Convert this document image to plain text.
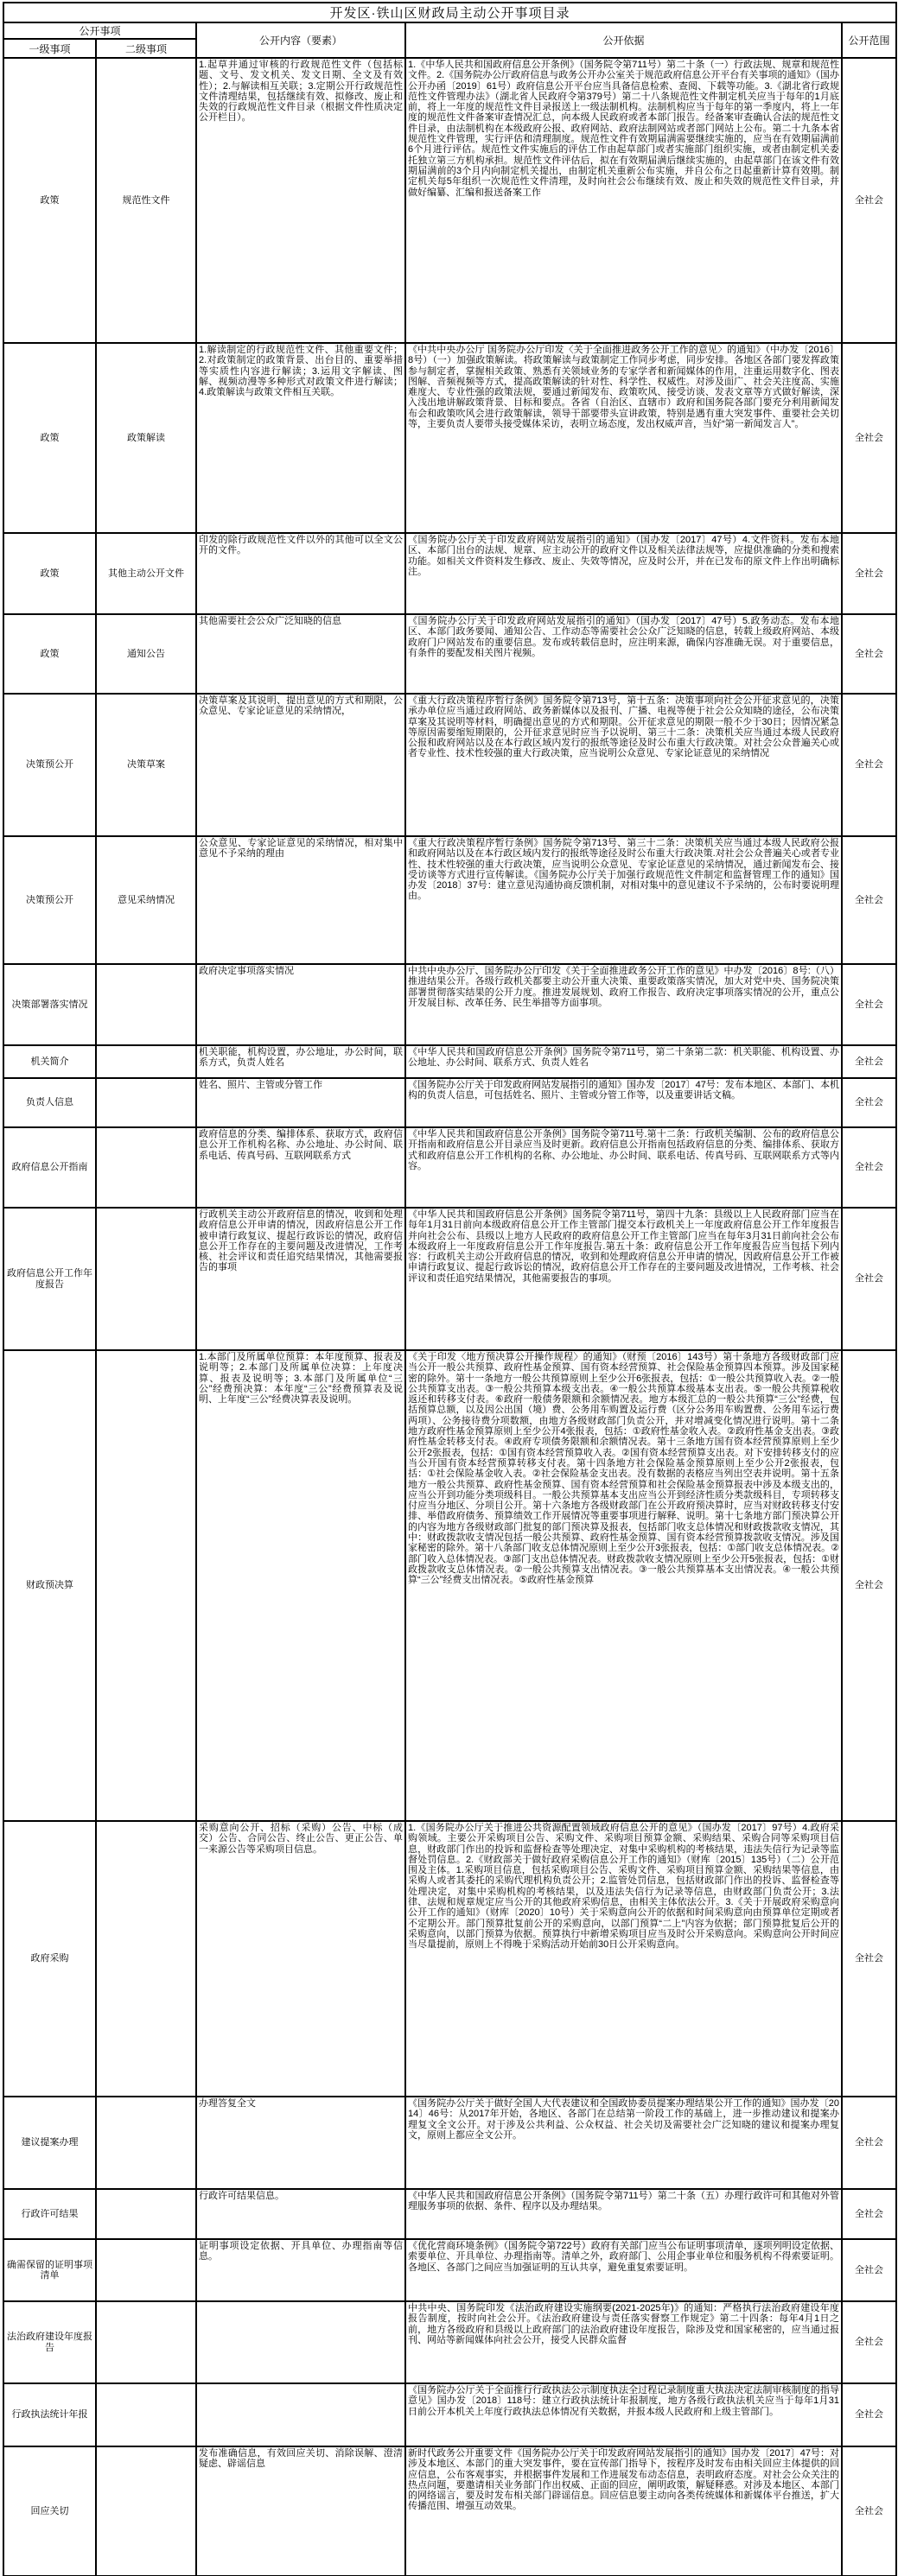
开发区·铁山区财政局主动公开事项目录				
公开事项		公开内容（要素）	公开依据	公开范围
一级事项	二级事项			

政策	规范性文件	1.起草并通过审核的行政规范性文件（包括标题、文号、发文机关、发文日期、全文及有效性）；2.与解读相互关联；3.定期公开行政规范性文件清理结果，包括继续有效、拟修改、废止和失效的行政规范性文件目录（根据文件性质决定公开栏目）。	1.《中华人民共和国政府信息公开条例》（国务院令第711号）第二十条（一）行政法规、规章和规范性文件。2.《国务院办公厅政府信息与政务公开办公室关于规范政府信息公开平台有关事项的通知》（国办公开办函〔2019〕61号）政府信息公开平台应当具备信息检索、查阅、下载等功能。3.《湖北省行政规范性文件管理办法》（湖北省人民政府令第379号）第二十八条规范性文件制定机关应当于每年的1月底前，将上一年度的规范性文件目录报送上一级法制机构。法制机构应当于每年的第一季度内，将上一年度的规范性文件备案审查情况汇总，向本级人民政府或者本部门报告。经备案审查确认合法的规范性文件目录，由法制机构在本级政府公报、政府网站、政府法制网站或者部门网站上公布。第二十九条本省规范性文件管理，实行评估和清理制度。规范性文件有效期届满需要继续实施的，应当在有效期届满前6个月进行评估。规范性文件实施后的评估工作由起草部门或者实施部门组织实施，或者由制定机关委托独立第三方机构承担。规范性文件评估后，拟在有效期届满后继续实施的，由起草部门在该文件有效期届满前的3个月内向制定机关提出，由制定机关重新公布实施，并自公布之日起重新计算有效期。制定机关每5年组织一次规范性文件清理，及时向社会公布继续有效、废止和失效的规范性文件目录，并做好编纂、汇编和报送备案工作	全社会

政策	政策解读	1.解读制定的行政规范性文件、其他重要文件；2.对政策制定的政策背景、出台目的、重要举措等实质性内容进行解读；3.运用文字解读、图解、视频动漫等多种形式对政策文件进行解读；4.政策解读与政策文件相互关联。	《中共中央办公厅 国务院办公厅印发〈关于全面推进政务公开工作的意见〉的通知》（中办发〔2016〕8号）（一）加强政策解读。将政策解读与政策制定工作同步考虑，同步安排。各地区各部门要发挥政策参与制定者，掌握相关政策、熟悉有关领域业务的专家学者和新闻媒体的作用，注重运用数字化、图表图解、音频视频等方式，提高政策解读的针对性、科学性、权威性。对涉及面广、社会关注度高、实施难度大、专业性强的政策法规，要通过新闻发布、政策吹风、接受访谈、发表文章等方式做好解读，深入浅出地讲解政策背景、目标和要点。各省（自治区、直辖市）政府和国务院各部门要充分利用新闻发布会和政策吹风会进行政策解读，领导干部要带头宣讲政策，特别是遇有重大突发事件、重要社会关切等，主要负责人要带头接受媒体采访，表明立场态度，发出权威声音，当好“第一新闻发言人”。	全社会

政策	其他主动公开文件	印发的除行政规范性文件以外的其他可以全文公开的文件。	《国务院办公厅关于印发政府网站发展指引的通知》（国办发〔2017〕47号）4.文件资料。发布本地区、本部门出台的法规、规章、应主动公开的政府文件以及相关法律法规等，应提供准确的分类和搜索功能。如相关文件资料发生修改、废止、失效等情况，应及时公开，并在已发布的原文件上作出明确标注。	全社会

政策	通知公告	其他需要社会公众广泛知晓的信息	《国务院办公厅关于印发政府网站发展指引的通知》（国办发〔2017〕47号）5.政务动态。发布本地区、本部门政务要闻、通知公告、工作动态等需要社会公众广泛知晓的信息，转载上级政府网站、本级政府门户网站发布的重要信息。发布或转载信息时，应注明来源，确保内容准确无误。对于重要信息，有条件的要配发相关图片视频。	全社会

决策预公开	决策草案	决策草案及其说明、提出意见的方式和期限，公众意见、专家论证意见的采纳情况，	《重大行政决策程序暂行条例》国务院令第713号，第十五条：决策事项向社会公开征求意见的，决策承办单位应当通过政府网站、政务新媒体以及报刊、广播、电视等便于社会公众知晓的途径，公布决策草案及其说明等材料，明确提出意见的方式和期限。公开征求意见的期限一般不少于30日；因情况紧急等原因需要缩短期限的，公开征求意见时应当予以说明、第三十二条：决策机关应当通过本级人民政府公报和政府网站以及在本行政区域内发行的报纸等途径及时公布重大行政决策。对社会公众普遍关心或者专业性、技术性较强的重大行政决策，应当说明公众意见、专家论证意见的采纳情况	全社会

决策预公开	意见采纳情况	公众意见、专家论证意见的采纳情况，相对集中意见不予采纳的理由	《重大行政决策程序暂行条例》国务院令第713号、第三十二条：决策机关应当通过本级人民政府公报和政府网站以及在本行政区域内发行的报纸等途径及时公布重大行政决策.对社会公众普遍关心或者专业性、技术性较强的重大行政决策，应当说明公众意见、专家论证意见的采纳情况，通过新闻发布会、接受访谈等方式进行宣传解读。《国务院办公厅关于加强行政规范性文件制定和监督管理工作的通知》国办发〔2018〕37号：建立意见沟通协商反馈机制，对相对集中的意见建议不予采纳的，公布时要说明理由。	全社会

决策部署落实情况		政府决定事项落实情况	中共中央办公厅、国务院办公厅印发《关于全面推进政务公开工作的意见》中办发〔2016〕8号:（八）推进结果公开。各级行政机关都要主动公开重大决策、重要政策落实情况，加大对党中央、国务院决策部署贯彻落实结果的公开力度。推进发展规划、政府工作报告、政府决定事项落实情况的公开，重点公开发展目标、改革任务、民生举措等方面事项。	全社会

机关简介		机关职能，机构设置，办公地址，办公时间，联系方式，负责人姓名	《中华人民共和国政府信息公开条例》国务院令第711号，第二十条第二款：机关职能、机构设置、办公地址、办公时间、联系方式、负责人姓名	全社会

负责人信息		姓名、照片、主管或分管工作	《国务院办公厅关于印发政府网站发展指引的通知》国办发〔2017〕47号：发布本地区、本部门、本机构的负责人信息，可包括姓名、照片、主管或分管工作等，以及重要讲话文稿。	全社会

政府信息公开指南		政府信息的分类、编排体系、获取方式，政府信息公开工作机构名称、办公地址、办公时间、联系电话、传真号码、互联网联系方式	《中华人民共和国政府信息公开条例》国务院令第711号.第十二条：行政机关编制、公布的政府信息公开指南和政府信息公开目录应当及时更新。政府信息公开指南包括政府信息的分类、编排体系、获取方式和政府信息公开工作机构的名称、办公地址、办公时间、联系电话、传真号码、互联网联系方式等内容。	全社会

政府信息公开工作年度报告		行政机关主动公开政府信息的情况，收到和处理政府信息公开申请的情况，因政府信息公开工作被申请行政复议、提起行政诉讼的情况，政府信息公开工作存在的主要问题及改进情况，工作考核、社会评议和责任追究结果情况，其他需要报告的事项	《中华人民共和国政府信息公开条例》国务院令第711号，第四十九条：县级以上人民政府部门应当在每年1月31日前向本级政府信息公开工作主管部门提交本行政机关上一年度政府信息公开工作年度报告并向社会公布、县级以上地方人民政府的政府信息公开工作主管部门应当在每年3月31日前向社会公布本级政府上一年度政府信息公开工作年度报告.第五十条：政府信息公开工作年度报告应当包括下列内容：行政机关主动公开政府信息的情况，收到和处理政府信息公开申请的情况，因政府信息公开工作被申请行政复议、提起行政诉讼的情况，政府信息公开工作存在的主要问题及改进情况，工作考核、社会评议和责任追究结果情况，其他需要报告的事项。	全社会

财政预决算		1.本部门及所属单位预算：本年度预算、报表及说明等；2.本部门及所属单位决算：上年度决算、报表及说明等；3.本部门及所属单位“三公”经费预决算：本年度“三公”经费预算表及说明、上年度“三公”经费决算表及说明。	《关于印发〈地方预决算公开操作规程〉的通知》（财预〔2016〕143号）第十条地方各级财政部门应当公开一般公共预算、政府性基金预算、国有资本经营预算、社会保险基金预算四本预算。涉及国家秘密的除外。第十一条地方一般公共预算原则上至少公开6张报表，包括：①一般公共预算收入表。②一般公共预算支出表。③一般公共预算本级支出表。④一般公共预算本级基本支出表。⑤一般公共预算税收返还和转移支付表。⑥政府一般债务限额和余额情况表。地方本级汇总的一般公共预算“三公”经费，包括预算总额，以及因公出国（境）费、公务用车购置及运行费（区分公务用车购置费、公务用车运行费两项）、公务接待费分项数额，由地方各级财政部门负责公开，并对增减变化情况进行说明。第十二条地方政府性基金预算原则上至少公开4张报表，包括：①政府性基金收入表。②政府性基金支出表。③政府性基金转移支付表。④政府专项债务限额和余额情况表。第十三条地方国有资本经营预算原则上至少公开2张报表，包括：①国有资本经营预算收入表。②国有资本经营预算支出表。对下安排转移支付的应当公开国有资本经营预算转移支付表。第十四条地方社会保险基金预算原则上至少公开2张报表，包括：①社会保险基金收入表。②社会保险基金支出表。没有数据的表格应当列出空表并说明。第十五条地方一般公共预算、政府性基金预算、国有资本经营预算和社会保险基金预算报表中涉及本级支出的，应当公开到功能分类项级科目。一般公共预算基本支出应当公开到经济性质分类款级科目，专项转移支付应当分地区、分项目公开。第十六条地方各级财政部门在公开政府预决算时，应当对财政转移支付安排、举借政府债务、预算绩效工作开展情况等重要事项进行解释、说明。第十七条地方部门预决算公开的内容为地方各级财政部门批复的部门预决算及报表，包括部门收支总体情况和财政拨款收支情况，其中：财政拨款收支情况包括一般公共预算、政府性基金预算、国有资本经营预算拨款收支情况。涉及国家秘密的除外。第十八条部门收支总体情况原则上至少公开3张报表，包括：①部门收支总体情况表。②部门收入总体情况表。③部门支出总体情况表。财政拨款收支情况原则上至少公开5张报表，包括：①财政拨款收支总体情况表。②一般公共预算支出情况表。③一般公共预算基本支出情况表。④一般公共预算“三公”经费支出情况表。⑤政府性基金预算	全社会

政府采购		采购意向公开、招标（采购）公告、中标（成交）公告、合同公告、终止公告、更正公告、单一来源公告等采购项目信息。	1.《国务院办公厅关于推进公共资源配置领域政府信息公开的意见》（国办发〔2017〕97号）4.政府采购领域。主要公开采购项目公告、采购文件、采购项目预算金额、采购结果、采购合同等采购项目信息，财政部门作出的投诉和监督检查等处理决定、对集中采购机构的考核结果，违法失信行为记录等监督处罚信息。2.《财政部关于做好政府采购信息公开工作的通知》（财库〔2015〕135号）（二）公开范围及主体。1.采购项目信息，包括采购项目公告、采购文件、采购项目预算金额、采购结果等信息，由采购人或者其委托的采购代理机构负责公开；2.监管处罚信息，包括财政部门作出的投诉、监督检查等处理决定，对集中采购机构的考核结果，以及违法失信行为记录等信息，由财政部门负责公开；3.法律、法规和规章规定应当公开的其他政府采购信息，由相关主体依法公开。3.《关于开展政府采购意向公开工作的通知》（财库〔2020〕10号）关于采购意向公开的依据和时间采购意向由预算单位定期或者不定期公开。部门预算批复前公开的采购意向，以部门预算“二上”内容为依据；部门预算批复后公开的采购意向，以部门预算为依据。预算执行中新增采购项目应当及时公开采购意向。采购意向公开时间应当尽量提前，原则上不得晚于采购活动开始前30日公开采购意向。	全社会

建议提案办理		办理答复全文	《国务院办公厅关于做好全国人大代表建议和全国政协委员提案办理结果公开工作的通知》国办发〔2014〕46号：从2017年开始，各地区、各部门在总结第一阶段工作的基础上，进一步推动建议和提案办理复文全文公开。对于涉及公共利益、公众权益、社会关切及需要社会广泛知晓的建议和提案办理复文，原则上都应全文公开。	全社会

行政许可结果		行政许可结果信息。	《中华人民共和国政府信息公开条例》（国务院令第711号）第二十条（五）办理行政许可和其他对外管理服务事项的依据、条件、程序以及办理结果。	全社会

确需保留的证明事项清单		证明事项设定依据、开具单位、办理指南等信息。	《优化营商环境条例》（国务院令第722号）政府有关部门应当公布证明事项清单，逐项列明设定依据、索要单位、开具单位、办理指南等。清单之外，政府部门、公用企事业单位和服务机构不得索要证明。各地区、各部门之间应当加强证明的互认共享，避免重复索要证明。	全社会

法治政府建设年度报告			中共中央、国务院印发《法治政府建设实施纲要(2021-2025年)》的通知：严格执行法治政府建设年度报告制度，按时向社会公开。《法治政府建设与责任落实督察工作规定》第二十四条：每年4月1日之前，地方各级政府和县级以上政府部门的法治政府建设年度报告，除涉及党和国家秘密的，应当通过报刊、网站等新闻媒体向社会公开，接受人民群众监督	全社会

行政执法统计年报			《国务院办公厅关于全面推行行政执法公示制度执法全过程记录制度重大执法决定法制审核制度的指导意见》国办发〔2018〕118号：建立行政执法统计年报制度，地方各级行政执法机关应当于每年1月31日前公开本机关上年度行政执法总体情况有关数据，并报本级人民政府和上级主管部门。	全社会

回应关切		发布准确信息，有效回应关切、消除误解、澄清疑虑、辟谣信息	新时代政务公开重要文件《国务院办公厅关于印发政府网站发展指引的通知》国办发〔2017〕47号：对涉及本地区、本部门的重大突发事件，要在宣传部门指导下，按程序及时发布由相关回应主体提供的回应信息，公布客观事实，并根据事件发展和工作进展发布动态信息，表明政府态度。对社会公众关注的热点问题，要邀请相关业务部门作出权威、正面的回应，阐明政策，解疑释惑。对涉及本地区、本部门的网络谣言，要及时发布相关部门辟谣信息。回应信息要主动向各类传统媒体和新媒体平台推送，扩大传播范围、增强互动效果。	全社会
